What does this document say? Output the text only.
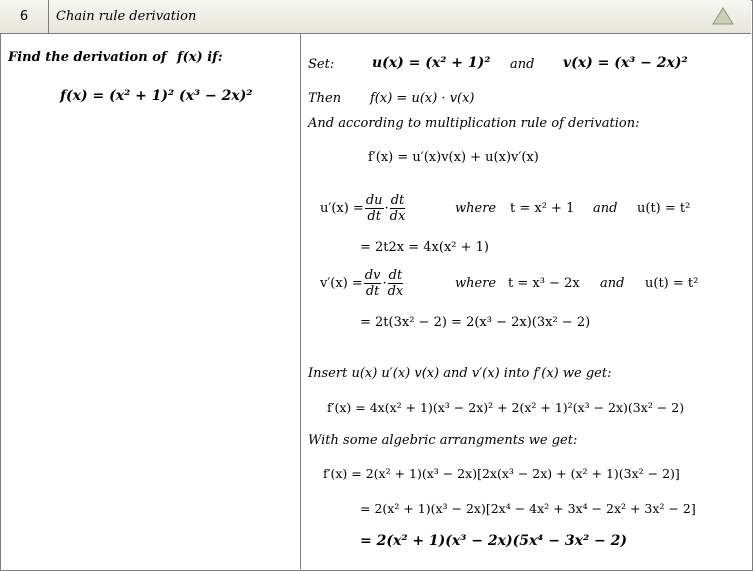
6	Chain rule derivation
Find the derivation of f(x) if:
f(x) = (x² + 1)² (x³ − 2x)²
Set:	u(x) = (x² + 1)² and v(x) = (x³ − 2x)²
Then f(x) = u(x) · v(x)
And according to multiplication rule of derivation:
f′(x) = u′(x)v(x) + u(x)v′(x)
$u'(x) = \frac{du}{dt} \cdot \frac{dt}{dx}$	where t = x² + 1 and u(t) = t²
= 2t2x = 4x(x² + 1)
$v'(x) = \frac{dv}{dt} \cdot \frac{dt}{dx}$	where t = x³ − 2x and u(t) = t²
= 2t(3x² − 2) = 2(x³ − 2x)(3x² − 2)
Insert u(x) u′(x) v(x) and v′(x) into f′(x) we get:
f′(x) = 4x(x² + 1)(x³ − 2x)² + 2(x² + 1)²(x³ − 2x)(3x² − 2)
With some algebric arrangments we get:
f′(x) = 2(x² + 1)(x³ − 2x)[2x(x³ − 2x) + (x² + 1)(3x² − 2)]
= 2(x² + 1)(x³ − 2x)[2x⁴ − 4x² + 3x⁴ − 2x² + 3x² − 2]
= 2(x² + 1)(x³ − 2x)(5x⁴ − 3x² − 2)
